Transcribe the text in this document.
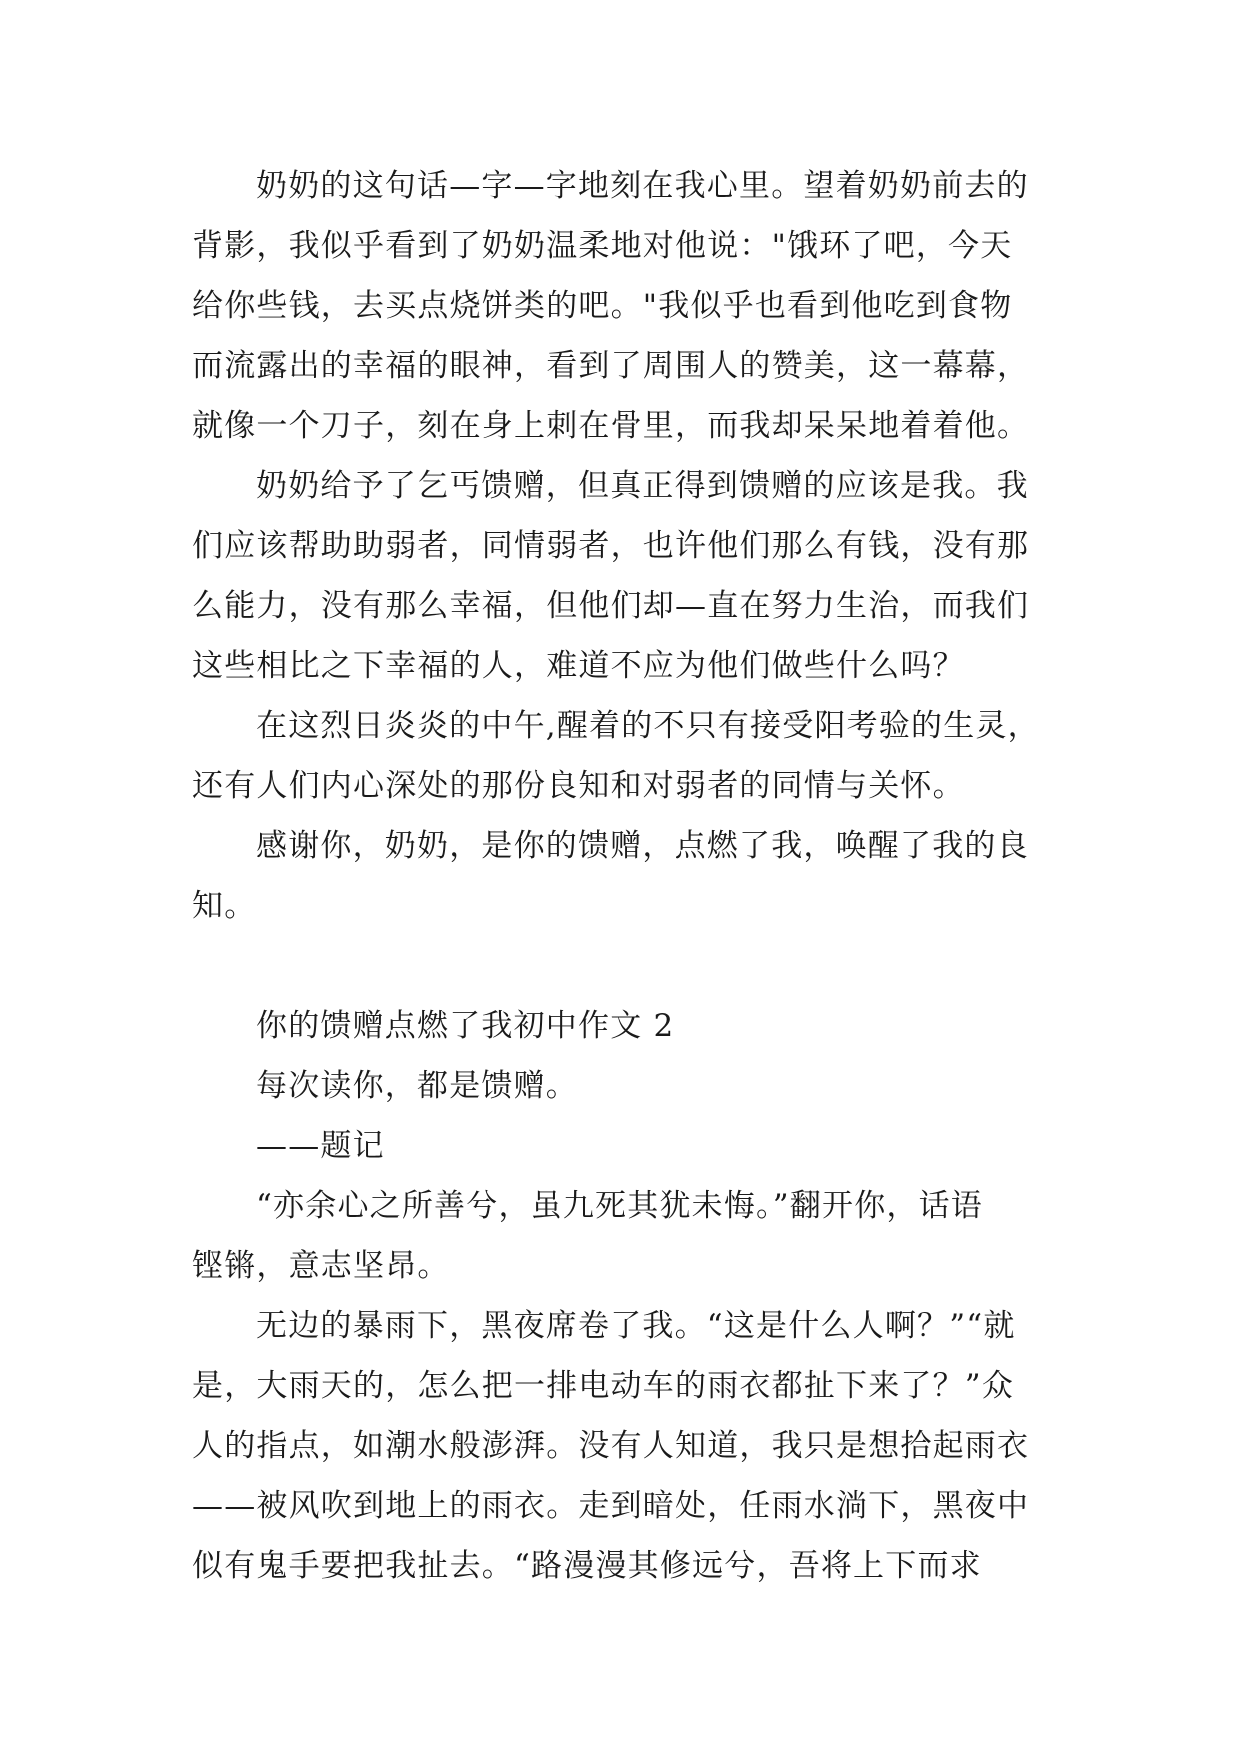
奶奶的这句话—字—字地刻在我心里。望着奶奶前去的
背影，我似乎看到了奶奶温柔地对他说："饿环了吧，今天
给你些钱，去买点烧饼类的吧。"我似乎也看到他吃到食物
而流露出的幸福的眼神，看到了周围人的赞美，这一幕幕，
就像一个刀子，刻在身上刺在骨里，而我却呆呆地着着他。
奶奶给予了乞丐馈赠，但真正得到馈赠的应该是我。我
们应该帮助助弱者，同情弱者，也许他们那么有钱，没有那
么能力，没有那么幸福，但他们却—直在努力生治，而我们
这些相比之下幸福的人，难道不应为他们做些什么吗？
在这烈日炎炎的中午,醒着的不只有接受阳考验的生灵，
还有人们内心深处的那份良知和对弱者的同情与关怀。
感谢你，奶奶，是你的馈赠，点燃了我，唤醒了我的良
知。
你的馈赠点燃了我初中作文 2
每次读你，都是馈赠。
——题记
“亦余心之所善兮，虽九死其犹未悔。”翻开你，话语
铿锵，意志坚昂。
无边的暴雨下，黑夜席卷了我。“这是什么人啊？”“就
是，大雨天的，怎么把一排电动车的雨衣都扯下来了？”众
人的指点，如潮水般澎湃。没有人知道，我只是想拾起雨衣
——被风吹到地上的雨衣。走到暗处，任雨水淌下，黑夜中
似有鬼手要把我扯去。“路漫漫其修远兮，吾将上下而求
